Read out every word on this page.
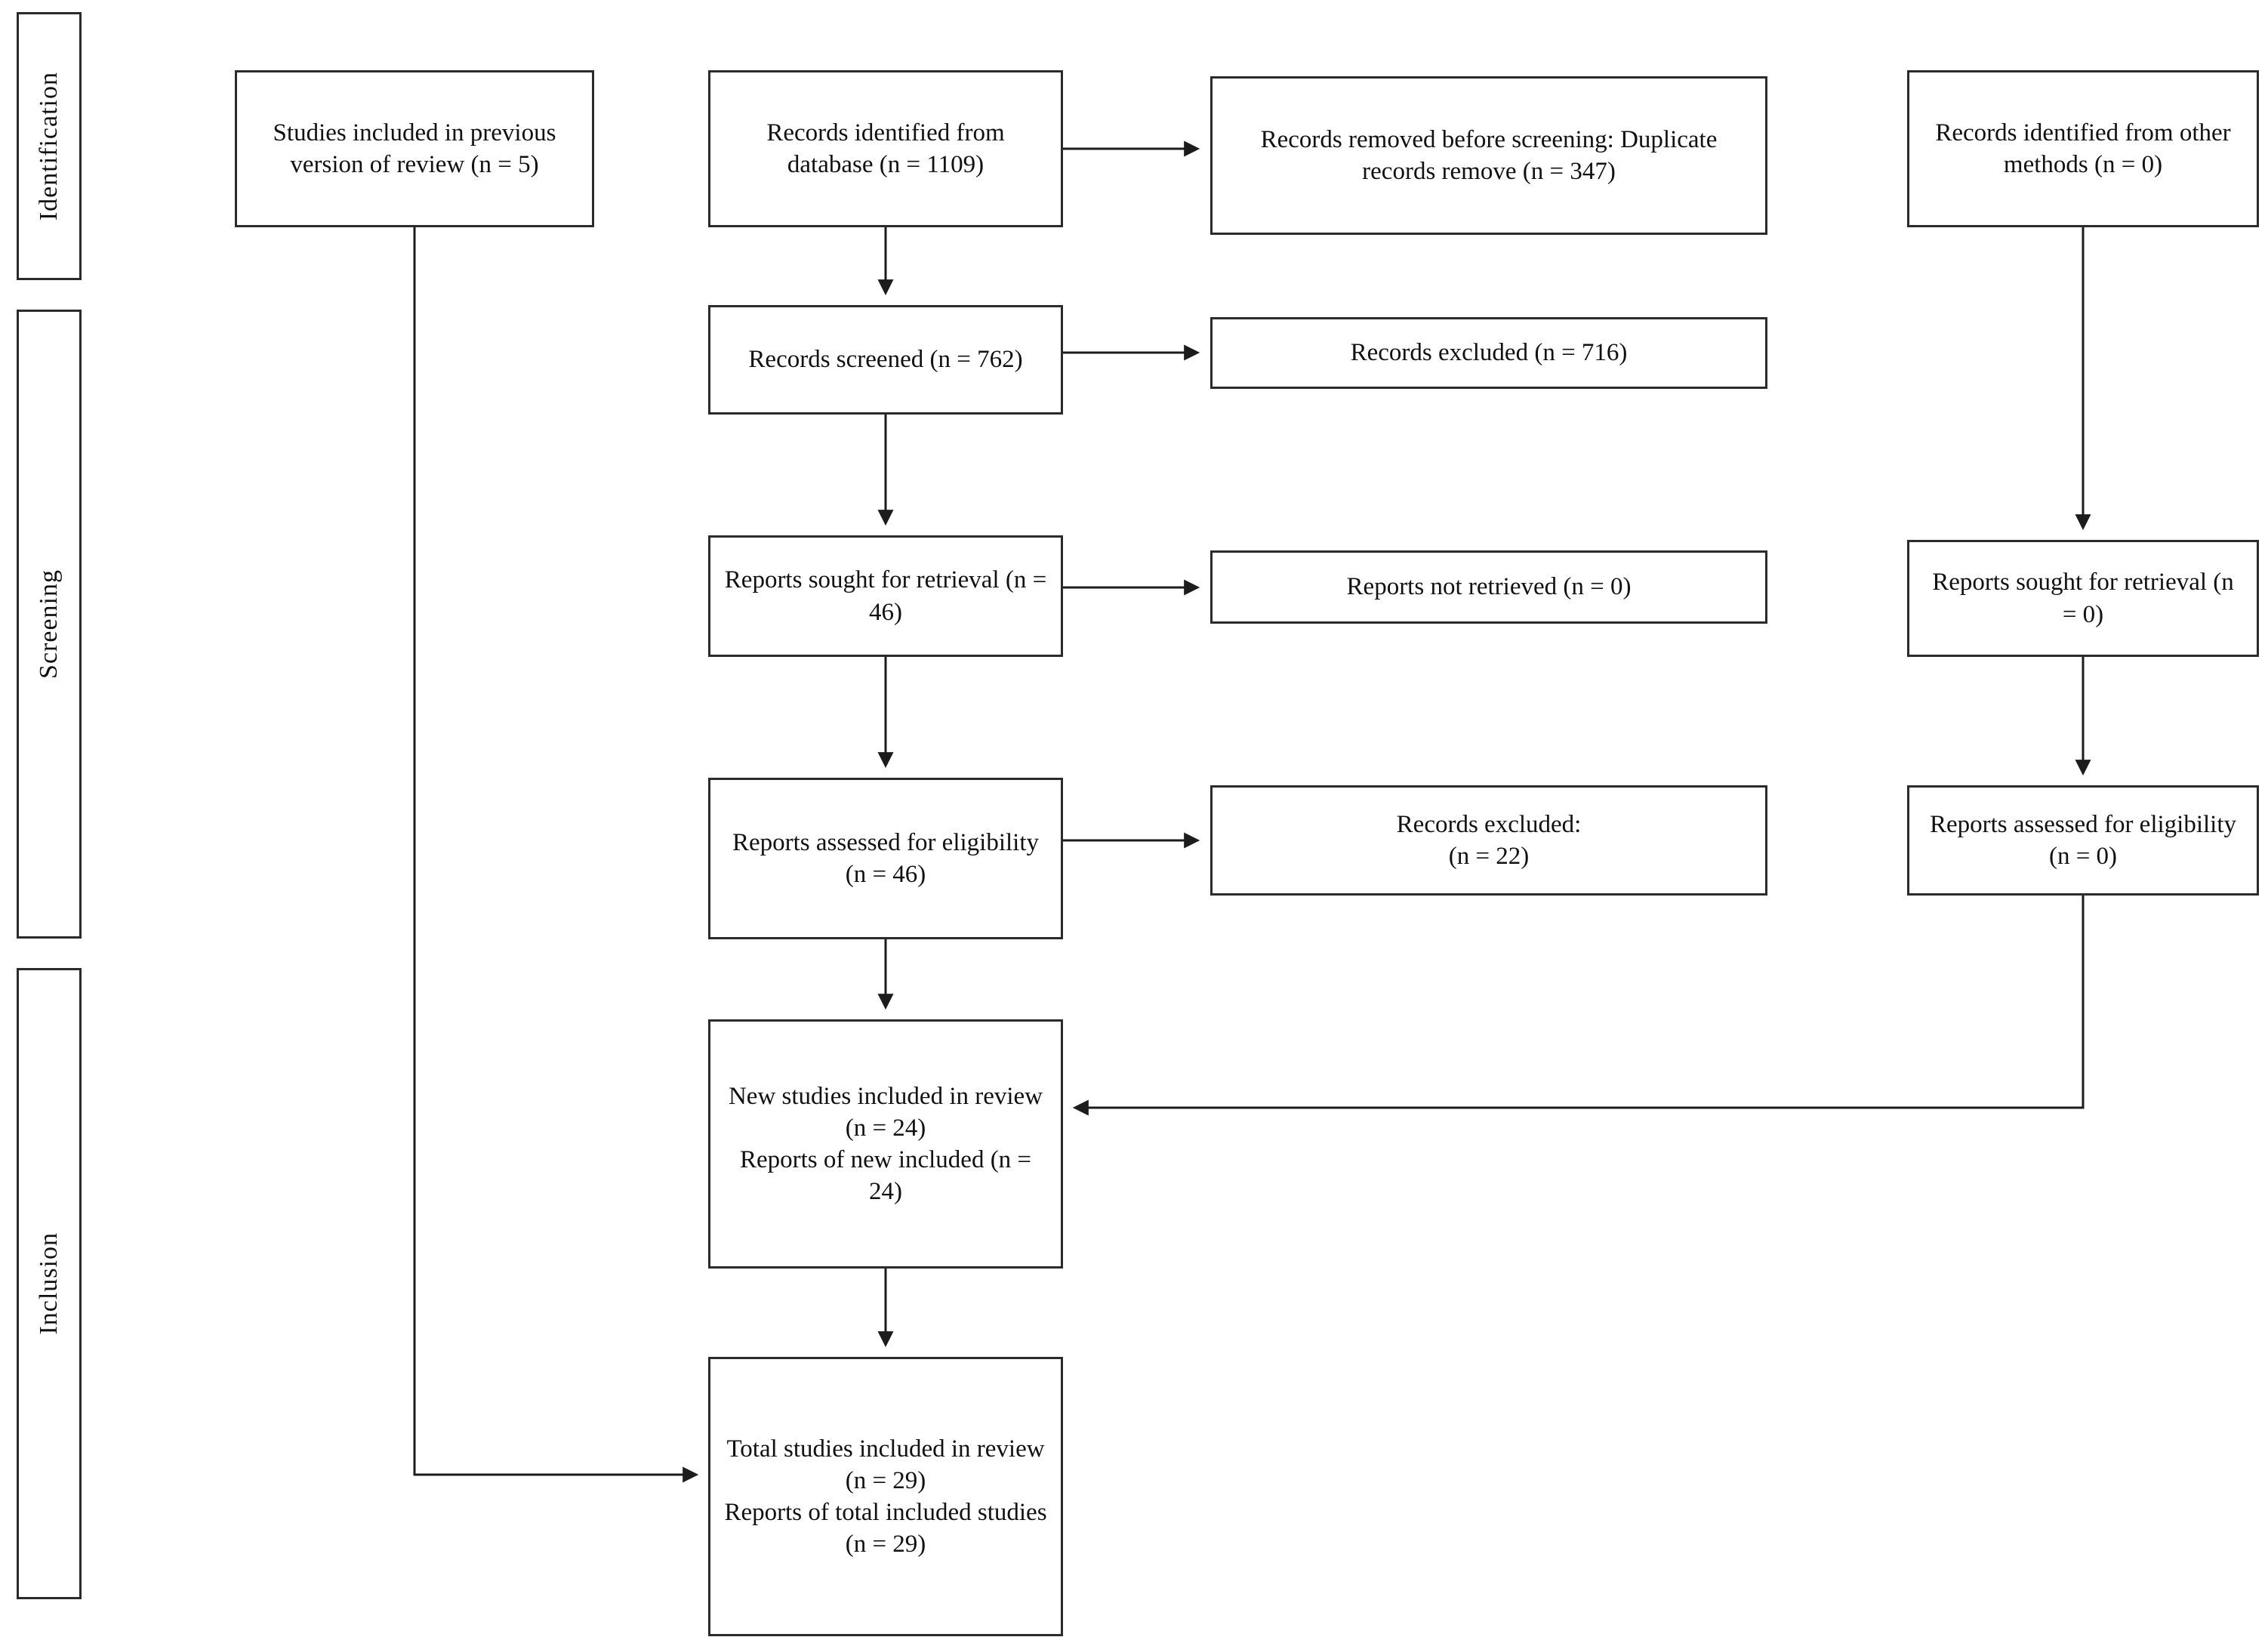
Identification
Screening
Inclusion
Studies included in previous version of review (n = 5)
Records identified from database (n = 1109)
Records removed before screening: Duplicate records remove (n = 347)
Records identified from other methods (n = 0)
Records screened (n = 762)	Records excluded (n = 716)
Reports sought for retrieval (n = 46)
Reports not retrieved (n = 0)	Reports sought for retrieval (n = 0)
Reports assessed for eligibility (n = 46)
Records excluded:
(n = 22)
Reports assessed for eligibility (n = 0)
New studies included in review (n = 24)
Reports of new included (n = 24)
Total studies included in review (n = 29)
Reports of total included studies (n = 29)
